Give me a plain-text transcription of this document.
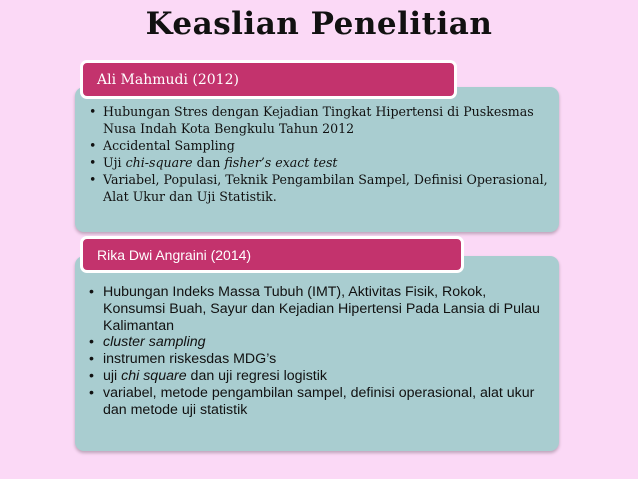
Keaslian Penelitian
• Hubungan Stres dengan Kejadian Tingkat Hipertensi di Puskesmas Nusa Indah Kota Bengkulu Tahun 2012
• Accidental Sampling
• Uji chi-square dan fisher’s exact test
• Variabel, Populasi, Teknik Pengambilan Sampel, Definisi Operasional, Alat Ukur dan Uji Statistik.
Ali Mahmudi (2012)
• Hubungan Indeks Massa Tubuh (IMT), Aktivitas Fisik, Rokok, Konsumsi Buah, Sayur dan Kejadian Hipertensi Pada Lansia di Pulau Kalimantan
• cluster sampling
• instrumen riskesdas MDG’s
• uji chi square dan uji regresi logistik
• variabel, metode pengambilan sampel, definisi operasional, alat ukur dan metode uji statistik
Rika Dwi Angraini (2014)
